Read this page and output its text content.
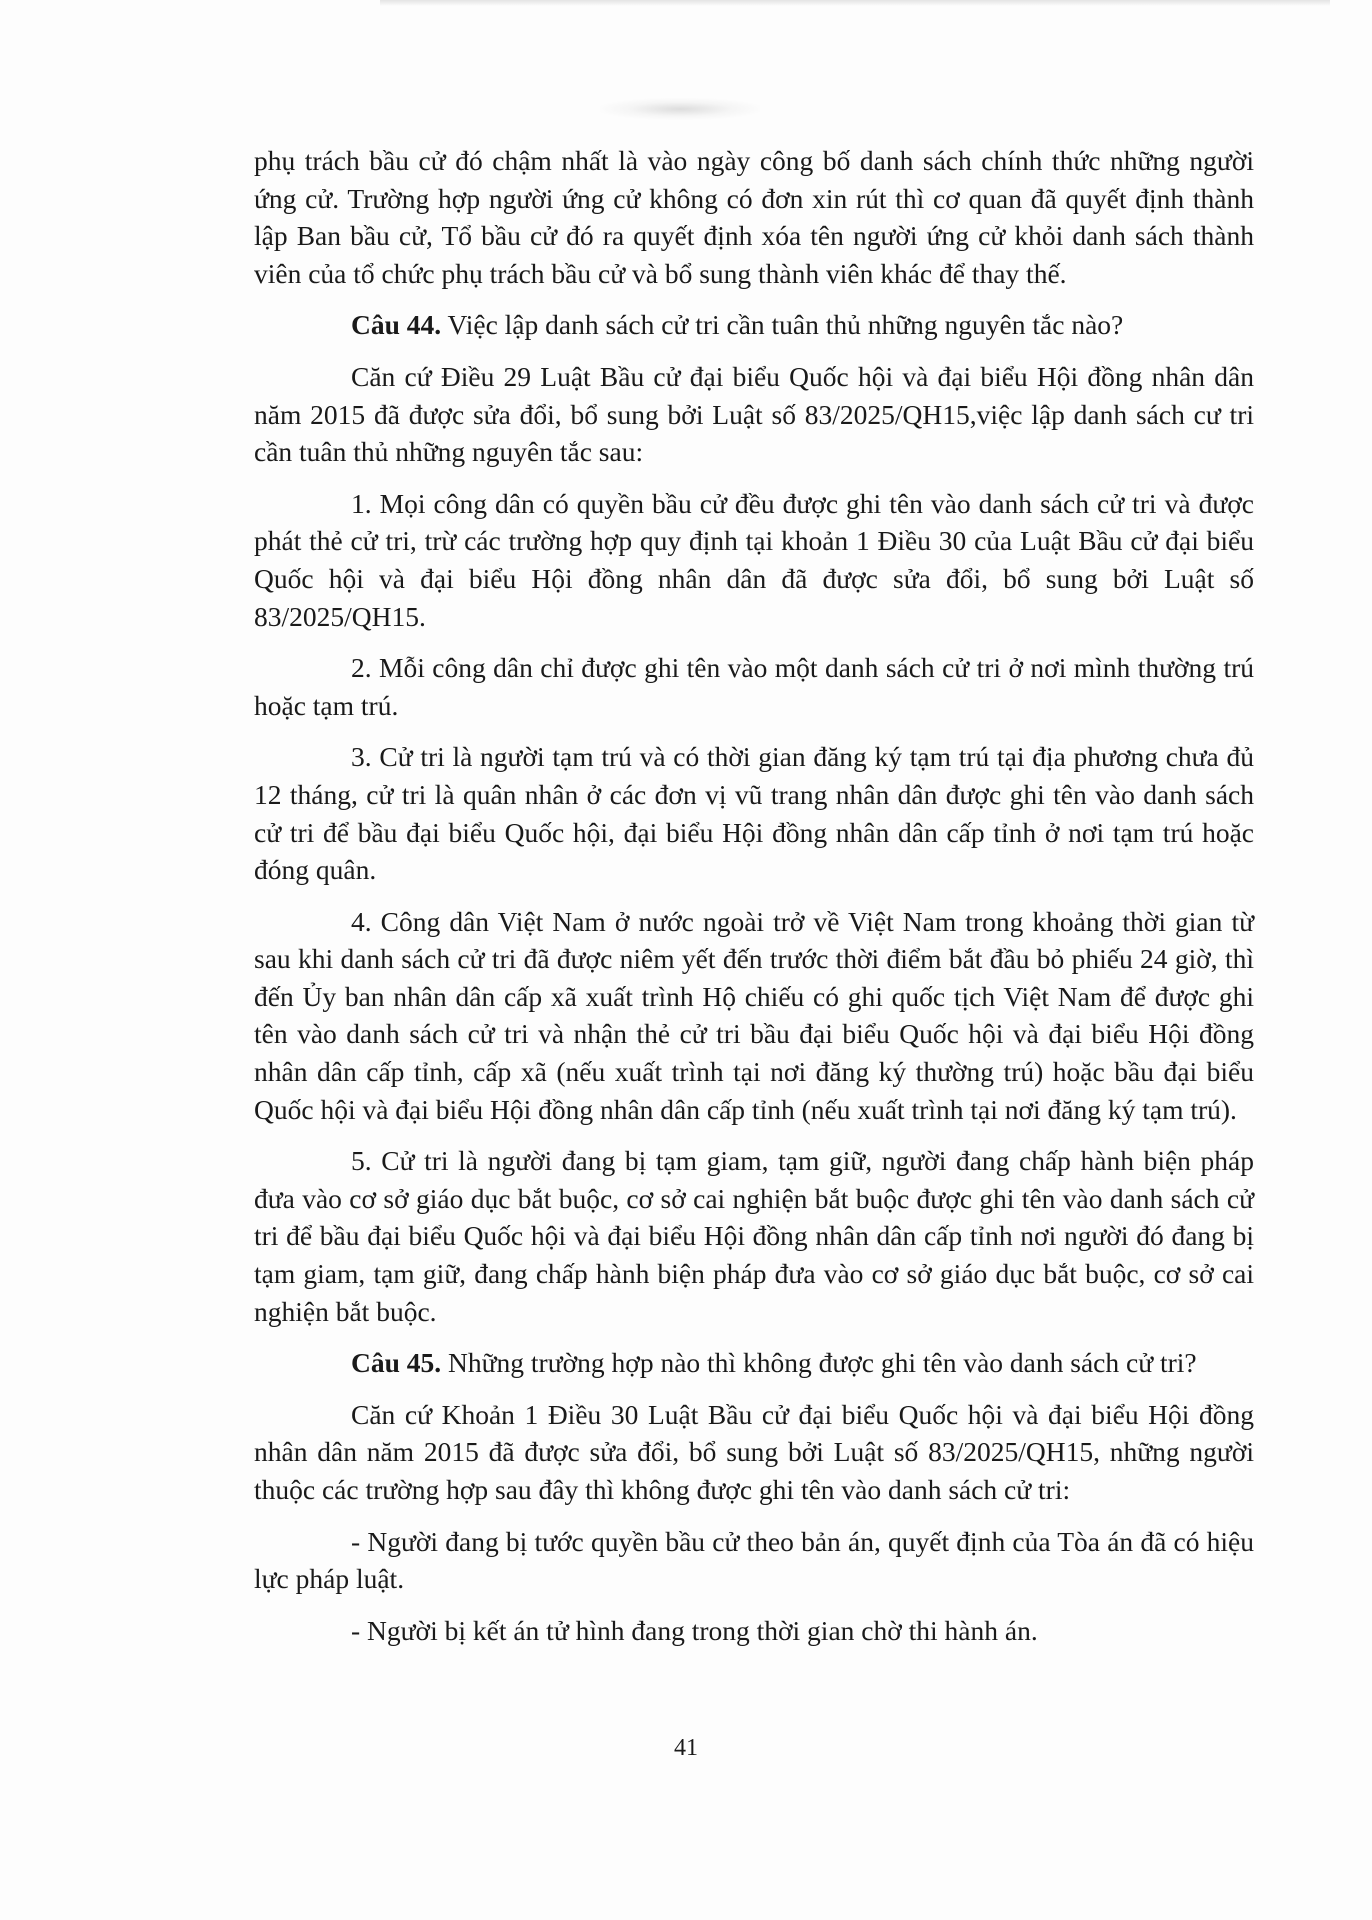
phụ trách bầu cử đó chậm nhất là vào ngày công bố danh sách chính thức những người ứng cử. Trường hợp người ứng cử không có đơn xin rút thì cơ quan đã quyết định thành lập Ban bầu cử, Tổ bầu cử đó ra quyết định xóa tên người ứng cử khỏi danh sách thành viên của tổ chức phụ trách bầu cử và bổ sung thành viên khác để thay thế.

Câu 44. Việc lập danh sách cử tri cần tuân thủ những nguyên tắc nào?

Căn cứ Điều 29 Luật Bầu cử đại biểu Quốc hội và đại biểu Hội đồng nhân dân năm 2015 đã được sửa đổi, bổ sung bởi Luật số 83/2025/QH15,việc lập danh sách cư tri cần tuân thủ những nguyên tắc sau:

1. Mọi công dân có quyền bầu cử đều được ghi tên vào danh sách cử tri và được phát thẻ cử tri, trừ các trường hợp quy định tại khoản 1 Điều 30 của Luật Bầu cử đại biểu Quốc hội và đại biểu Hội đồng nhân dân đã được sửa đổi, bổ sung bởi Luật số 83/2025/QH15.

2. Mỗi công dân chỉ được ghi tên vào một danh sách cử tri ở nơi mình thường trú hoặc tạm trú.

3. Cử tri là người tạm trú và có thời gian đăng ký tạm trú tại địa phương chưa đủ 12 tháng, cử tri là quân nhân ở các đơn vị vũ trang nhân dân được ghi tên vào danh sách cử tri để bầu đại biểu Quốc hội, đại biểu Hội đồng nhân dân cấp tỉnh ở nơi tạm trú hoặc đóng quân.

4. Công dân Việt Nam ở nước ngoài trở về Việt Nam trong khoảng thời gian từ sau khi danh sách cử tri đã được niêm yết đến trước thời điểm bắt đầu bỏ phiếu 24 giờ, thì đến Ủy ban nhân dân cấp xã xuất trình Hộ chiếu có ghi quốc tịch Việt Nam để được ghi tên vào danh sách cử tri và nhận thẻ cử tri bầu đại biểu Quốc hội và đại biểu Hội đồng nhân dân cấp tỉnh, cấp xã (nếu xuất trình tại nơi đăng ký thường trú) hoặc bầu đại biểu Quốc hội và đại biểu Hội đồng nhân dân cấp tỉnh (nếu xuất trình tại nơi đăng ký tạm trú).

5. Cử tri là người đang bị tạm giam, tạm giữ, người đang chấp hành biện pháp đưa vào cơ sở giáo dục bắt buộc, cơ sở cai nghiện bắt buộc được ghi tên vào danh sách cử tri để bầu đại biểu Quốc hội và đại biểu Hội đồng nhân dân cấp tỉnh nơi người đó đang bị tạm giam, tạm giữ, đang chấp hành biện pháp đưa vào cơ sở giáo dục bắt buộc, cơ sở cai nghiện bắt buộc.

Câu 45. Những trường hợp nào thì không được ghi tên vào danh sách cử tri?

Căn cứ Khoản 1 Điều 30 Luật Bầu cử đại biểu Quốc hội và đại biểu Hội đồng nhân dân năm 2015 đã được sửa đổi, bổ sung bởi Luật số 83/2025/QH15, những người thuộc các trường hợp sau đây thì không được ghi tên vào danh sách cử tri:

- Người đang bị tước quyền bầu cử theo bản án, quyết định của Tòa án đã có hiệu lực pháp luật.

- Người bị kết án tử hình đang trong thời gian chờ thi hành án.

41
